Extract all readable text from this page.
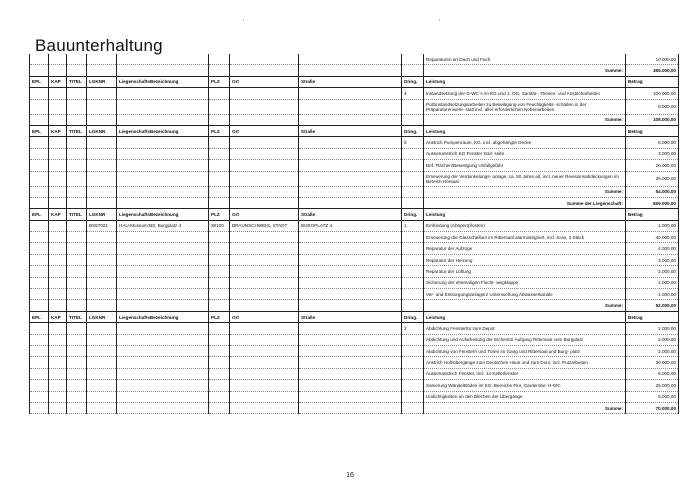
Bauunterhaltung
'	'
									Reparaturen an Dach und Fach	10.000,00
									Summe:	365.000,00
EPL	KAP	TITEL	LGKNR	LiegenschaftsBezeichnung	PLZ	Ort	Straße	Dring.	Leistung	Betrag
								4	Instandsetzung der D-WC´s im EG und 1. OG, Sanitär-, Fliesen- und Anstricharbeiten	100.000,00
									Putzinstandsetzungsarbeiten zu Beseitigung von Feuchtigkeits- schäden in der Präparatorenwerk- statt incl. aller erforderlichen Nebenarbeiten	8.000,00
									Summe:	108.000,00
EPL	KAP	TITEL	LGKNR	LiegenschaftsBezeichnung	PLZ	Ort	Straße	Dring.	Leistung	Betrag
								5	Anstrich Pumpenraum, KG, incl. abgehängte Decke	6.000,00
									Aussenanstrich KG Fenster Süd- seite	3.000,00
									Bef. Flächen/Beseitigung Unfallgefahr	20.000,00
									Erneuerung der Verdunkelungs- anlage, ca. 50 Jahre alt, incl. neuer Revisionsabdeckungen im Bereich Hörsaal	25.000,00
									Summe:	54.000,00
									Summe der Liegenschaft:	659.000,00
EPL	KAP	TITEL	LGKNR	LiegenschaftsBezeichnung	PLZ	Ort	Straße	Dring.	Leistung	Betrag
			BS57021	HAU-Museum;BS, Burgplatz 4	38100	BRAUNSCHWEIG, STADT	BURGPLATZ 4	1	Einfriedung (Absperrpfosten)	1.000,00
									Erneuerung der Glasscheiben im Rittersaal alarmintegriert, incl. Kran, 2 Stück	40.000,00
									Reparatur der Aufzüge	4.000,00
									Reparatur der Heizung	3.000,00
									Reparatur der Lüftung	2.000,00
									Sicherung der ehemaligen Flucht- wegklappe	1.000,00
									Ver- und Entsorgungsanlagen/ Untersuchung Abwasserkanäle	1.000,00
									Summe:	52.000,00
EPL	KAP	TITEL	LGKNR	LiegenschaftsBezeichnung	PLZ	Ort	Straße	Dring.	Leistung	Betrag
								2	Abdichtung Fenstertür zum Depot	1.000,00
									Abdichtung und Aufarbeitung der Eichentür Aufgang Rittersaal vom Burgplatz	2.000,00
									Abdichtung von Fenstern und Türen im Gang und Rittersaal und Burg- platz	2.000,00
									Anstrich Holzübergänge zum Deutschen Haus und zum Dom, incl. Putzarbeiten	30.000,00
									Aussenanstrich Fenster, incl. 14 Kellerfenster	5.000,00
									Sanierung Wände/Böden im KG, Bereiche Flur, Garderobe, H-WC	25.000,00
									Undichtigkeiten an den Blechen der Übergänge	5.000,00
									Summe:	70.000,00
16
